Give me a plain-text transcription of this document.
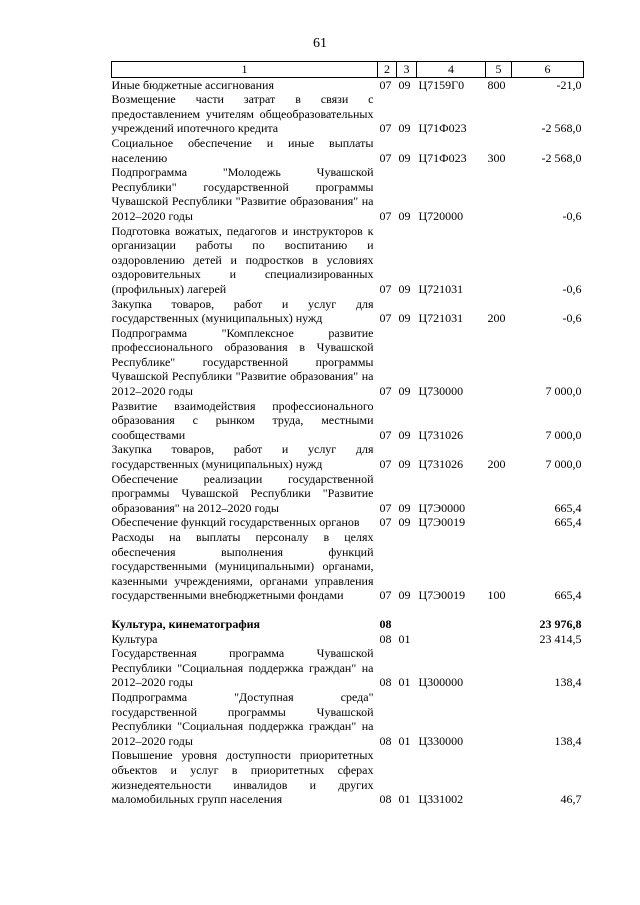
61
1	2	3	4	5	6
Иные бюджетные ассигнования	07	09	Ц7159Г0	800	-21,0
Возмещение части затрат в связи с предоставлением учителям общеобразовательных учреждений ипотечного кредита	07	09	Ц71Ф023		-2 568,0
Социальное обеспечение и иные выплаты населению	07	09	Ц71Ф023	300	-2 568,0
Подпрограмма "Молодежь Чувашской Республики" государственной программы Чувашской Республики "Развитие образования" на 2012–2020 годы	07	09	Ц720000		-0,6
Подготовка вожатых, педагогов и инструкторов к организации работы по воспитанию и оздоровлению детей и подростков в условиях оздоровительных и специализированных (профильных) лагерей	07	09	Ц721031		-0,6
Закупка товаров, работ и услуг для государственных (муниципальных) нужд	07	09	Ц721031	200	-0,6
Подпрограмма "Комплексное развитие профессионального образования в Чувашской Республике" государственной программы Чувашской Республики "Развитие образования" на 2012–2020 годы	07	09	Ц730000		7 000,0
Развитие взаимодействия профессионального образования с рынком труда, местными сообществами	07	09	Ц731026		7 000,0
Закупка товаров, работ и услуг для государственных (муниципальных) нужд	07	09	Ц731026	200	7 000,0
Обеспечение реализации государственной программы Чувашской Республики "Развитие образования" на 2012–2020 годы	07	09	Ц7Э0000		665,4
Обеспечение функций государственных органов	07	09	Ц7Э0019		665,4
Расходы на выплаты персоналу в целях обеспечения выполнения функций государственными (муниципальными) органами, казенными учреждениями, органами управления государственными внебюджетными фондами	07	09	Ц7Э0019	100	665,4

Культура, кинематография	08				23 976,8
Культура	08	01			23 414,5
Государственная программа Чувашской Республики "Социальная поддержка граждан" на 2012–2020 годы	08	01	Ц300000		138,4
Подпрограмма "Доступная среда" государственной программы Чувашской Республики "Социальная поддержка граждан" на 2012–2020 годы	08	01	Ц330000		138,4
Повышение уровня доступности приоритетных объектов и услуг в приоритетных сферах жизнедеятельности инвалидов и других маломобильных групп населения	08	01	Ц331002		46,7
